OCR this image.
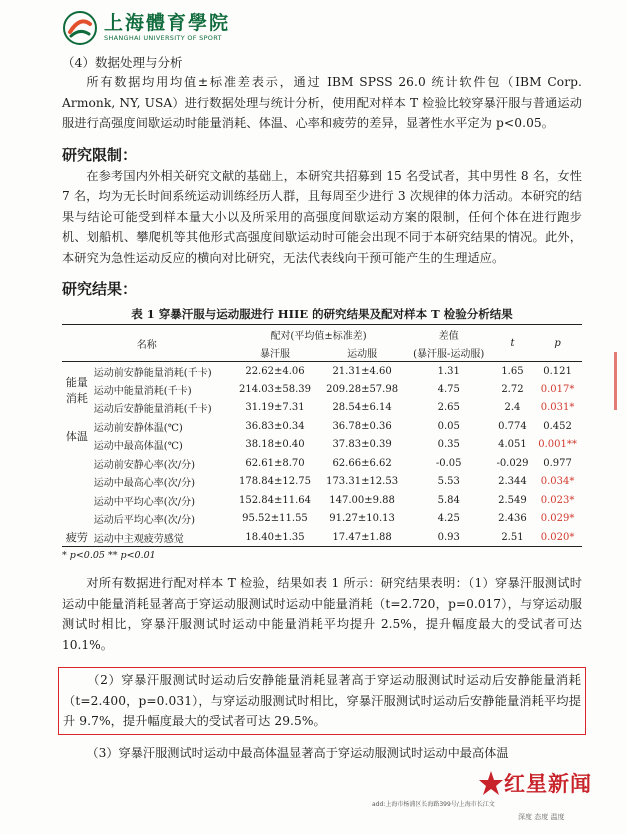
上海體育學院
SHANGHAI UNIVERSITY OF SPORT
（4）数据处理与分析

所有数据均用均值±标准差表示，通过 IBM SPSS 26.0 统计软件包（IBM Corp. Armonk, NY, USA）进行数据处理与统计分析，使用配对样本 T 检验比较穿暴汗服与普通运动服进行高强度间歇运动时能量消耗、体温、心率和疲劳的差异，显著性水平定为 p<0.05。

研究限制：

在参考国内外相关研究文献的基础上，本研究共招募到 15 名受试者，其中男性 8 名，女性 7 名，均为无长时间系统运动训练经历人群，且每周至少进行 3 次规律的体力活动。本研究的结果与结论可能受到样本量大小以及所采用的高强度间歇运动方案的限制，任何个体在进行跑步机、划船机、攀爬机等其他形式高强度间歇运动时可能会出现不同于本研究结果的情况。此外，本研究为急性运动反应的横向对比研究，无法代表线向干预可能产生的生理适应。

研究结果：
表 1 穿暴汗服与运动服进行 HIIE 的研究结果及配对样本 T 检验分析结果
名称		配对(平均值±标准差)		差值	t	p
		暴汗服	运动服	(暴汗服-运动服)		

能量
消耗	运动前安静能量消耗(千卡)	22.62±4.06	21.31±4.60	1.31	1.65	0.121
	运动中能量消耗(千卡)	214.03±58.39	209.28±57.98	4.75	2.72	0.017*
	运动后安静能量消耗(千卡)	31.19±7.31	28.54±6.14	2.65	2.4	0.031*
体温	运动前安静体温(℃)	36.83±0.34	36.78±0.36	0.05	0.774	0.452
	运动中最高体温(℃)	38.18±0.40	37.83±0.39	0.35	4.051	0.001**
	运动前安静心率(次/分)	62.61±8.70	62.66±6.62	-0.05	-0.029	0.977
	运动中最高心率(次/分)	178.84±12.75	173.31±12.53	5.53	2.344	0.034*
	运动中平均心率(次/分)	152.84±11.64	147.00±9.88	5.84	2.549	0.023*
	运动后平均心率(次/分)	95.52±11.55	91.27±10.13	4.25	2.436	0.029*
疲劳	运动中主观疲劳感觉	18.40±1.35	17.47±1.88	0.93	2.51	0.020*
* p<0.05 ** p<0.01

对所有数据进行配对样本 T 检验，结果如表 1 所示：研究结果表明：（1）穿暴汗服测试时运动中能量消耗显著高于穿运动服测试时运动中能量消耗（t=2.720，p=0.017），与穿运动服测试时相比，穿暴汗服测试时运动中能量消耗平均提升 2.5%，提升幅度最大的受试者可达 10.1%。

（2）穿暴汗服测试时运动后安静能量消耗显著高于穿运动服测试时运动后安静能量消耗（t=2.400，p=0.031），与穿运动服测试时相比，穿暴汗服测试时运动后安静能量消耗平均提升 9.7%，提升幅度最大的受试者可达 29.5%。

（3）穿暴汗服测试时运动中最高体温显著高于穿运动服测试时运动中最高体温

add:上海市杨浦区长海路399号/上海市长江文
红星新闻
深度 态度 温度
